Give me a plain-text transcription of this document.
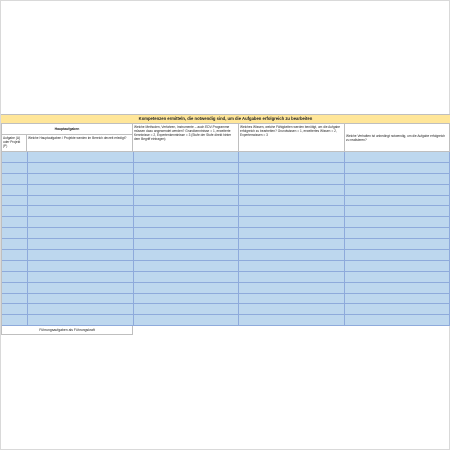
Kompetenzen ermitteln, die notwendig sind, um die Aufgaben erfolgreich zu bearbeiten
Hauptaufgaben
Aufgabe (A) oder Projekt (P)
Welche Hauptaufgaben / Projekte werden im Bereich derzeit erledigt?
Welche Methoden, Verfahren, Instrumente – auch EDV-Programme müssen dazu angewendet werden? Grundkenntnisse = 1, erweiterte Kenntnisse = 2, Expertenkenntnisse = 3 (Stufe der Stufe direkt hinter dem Begriff eintragen)
Welches Wissen, welche Fähigkeiten werden benötigt, um die Aufgabe erfolgreich zu bearbeiten? Grundwissen = 1, erweitertes Wissen = 2, Expertenwissen = 3	Welche Verhalten ist unbedingt notwendig, um die Aufgabe erfolgreich zu realisieren?
Führungsaufgaben als Führungskraft
